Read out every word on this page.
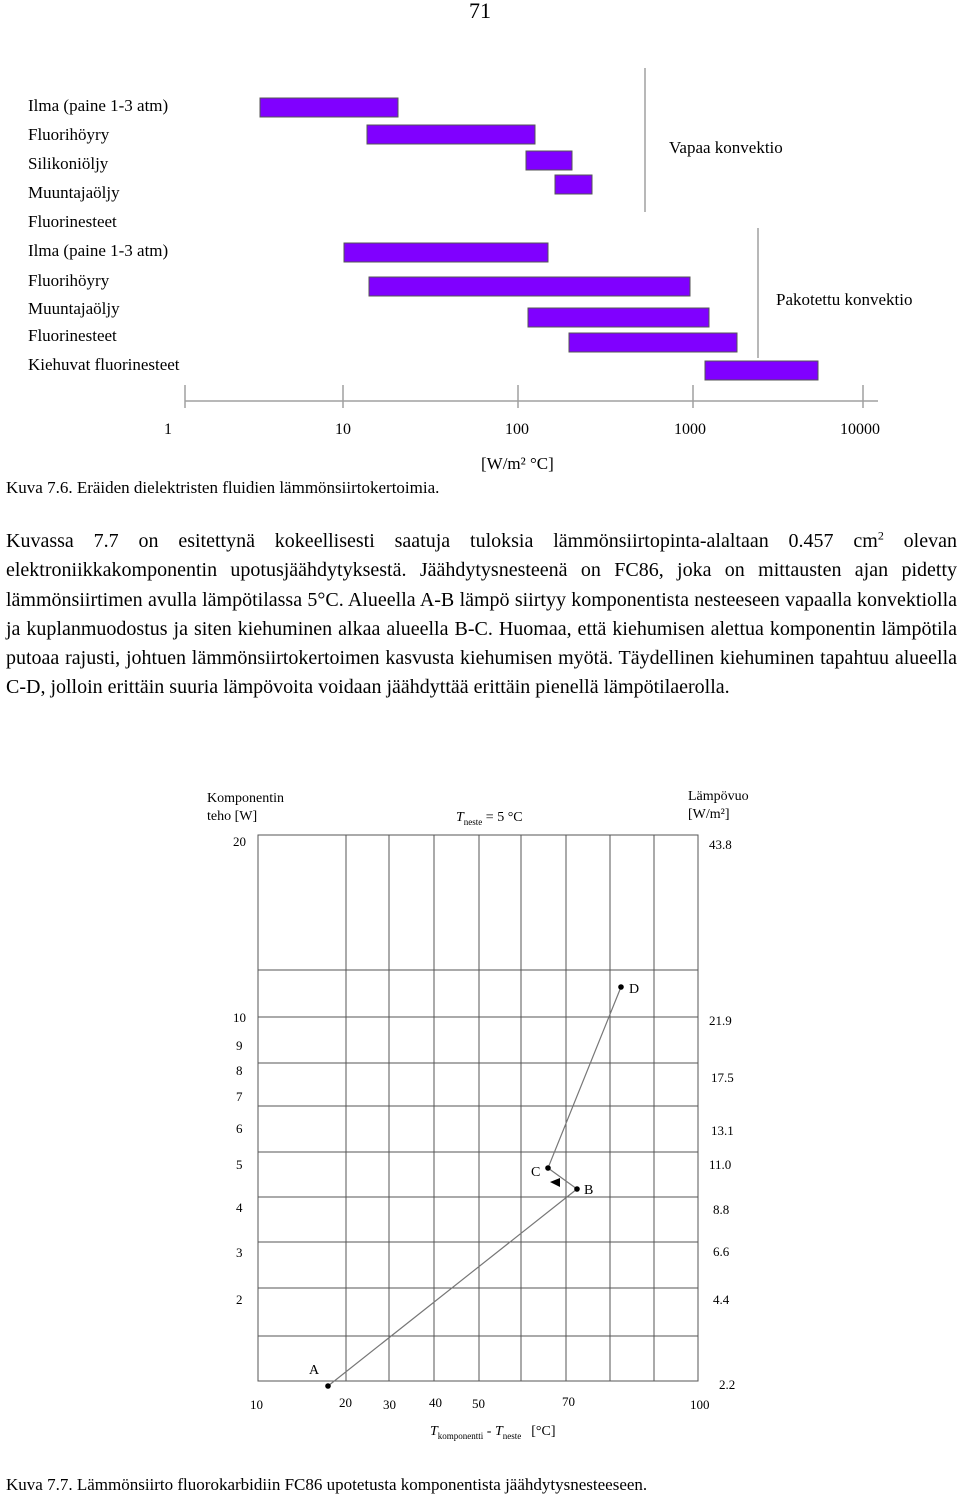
71
Ilma (paine 1-3 atm)
Fluorihöyry
Silikoniöljy
Muuntajaöljy
Fluorinesteet
Ilma (paine 1-3 atm)
Fluorihöyry
Muuntajaöljy
Fluorinesteet
Kiehuvat fluorinesteet
Vapaa konvektio
Pakotettu konvektio
1	10	100	1000	10000
[W/m² °C]
Kuva 7.6. Eräiden dielektristen fluidien lämmönsiirtokertoimia.
Kuvassa 7.7 on esitettynä kokeellisesti saatuja tuloksia lämmönsiirtopinta-alaltaan 0.457 $cm^2$ olevan elektroniikkakomponentin upotusjäähdytyksestä. Jäähdytysnesteenä on FC86, joka on mittausten ajan pidetty lämmönsiirtimen avulla lämpötilassa 5°C. Alueella A-B lämpö siirtyy komponentista nesteeseen vapaalla konvektiolla ja kuplanmuodostus ja siten kiehuminen alkaa alueella B-C. Huomaa, että kiehumisen alettua komponentin lämpötila putoaa rajusti, johtuen lämmönsiirtokertoimen kasvusta kiehumisen myötä. Täydellinen kiehuminen tapahtuu alueella C-D, jolloin erittäin suuria lämpövoita voidaan jäähdyttää erittäin pienellä lämpötilaerolla.
Komponentin
teho [W]
Lämpövuo
[W/m²]
$T_{neste} = 5$ °C
20
10
9
8
7
6
5
4
3
2
43.8
21.9
17.5
13.1
11.0
8.8
6.6
4.4
2.2
10	20 30	40 50	70	100
A
B
C
D
$T_{komponentti} - T_{neste}$ [°C]
Kuva 7.7. Lämmönsiirto fluorokarbidiin FC86 upotetusta komponentista jäähdytysnesteeseen.
